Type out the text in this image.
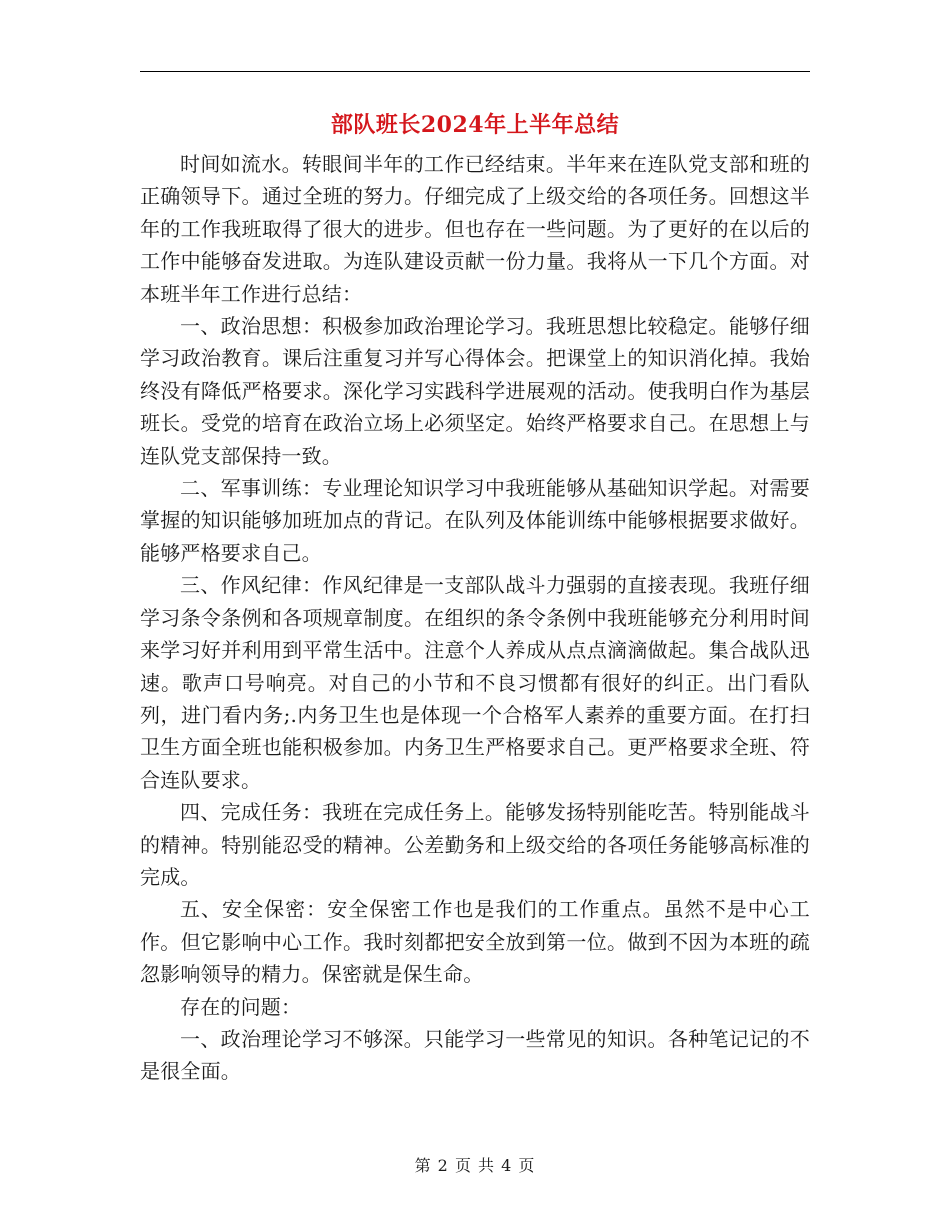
部队班长2024年上半年总结

时间如流水。转眼间半年的工作已经结束。半年来在连队党支部和班的正确领导下。通过全班的努力。仔细完成了上级交给的各项任务。回想这半年的工作我班取得了很大的进步。但也存在一些问题。为了更好的在以后的工作中能够奋发进取。为连队建设贡献一份力量。我将从一下几个方面。对本班半年工作进行总结：

一、政治思想：积极参加政治理论学习。我班思想比较稳定。能够仔细学习政治教育。课后注重复习并写心得体会。把课堂上的知识消化掉。我始终没有降低严格要求。深化学习实践科学进展观的活动。使我明白作为基层班长。受党的培育在政治立场上必须坚定。始终严格要求自己。在思想上与连队党支部保持一致。

二、军事训练：专业理论知识学习中我班能够从基础知识学起。对需要掌握的知识能够加班加点的背记。在队列及体能训练中能够根据要求做好。能够严格要求自己。

三、作风纪律：作风纪律是一支部队战斗力强弱的直接表现。我班仔细学习条令条例和各项规章制度。在组织的条令条例中我班能够充分利用时间来学习好并利用到平常生活中。注意个人养成从点点滴滴做起。集合战队迅速。歌声口号响亮。对自己的小节和不良习惯都有很好的纠正。出门看队列，进门看内务;.内务卫生也是体现一个合格军人素养的重要方面。在打扫卫生方面全班也能积极参加。内务卫生严格要求自己。更严格要求全班、符合连队要求。

四、完成任务：我班在完成任务上。能够发扬特别能吃苦。特别能战斗的精神。特别能忍受的精神。公差勤务和上级交给的各项任务能够高标准的完成。

五、安全保密：安全保密工作也是我们的工作重点。虽然不是中心工作。但它影响中心工作。我时刻都把安全放到第一位。做到不因为本班的疏忽影响领导的精力。保密就是保生命。

存在的问题：

一、政治理论学习不够深。只能学习一些常见的知识。各种笔记记的不是很全面。

第 2 页 共 4 页
